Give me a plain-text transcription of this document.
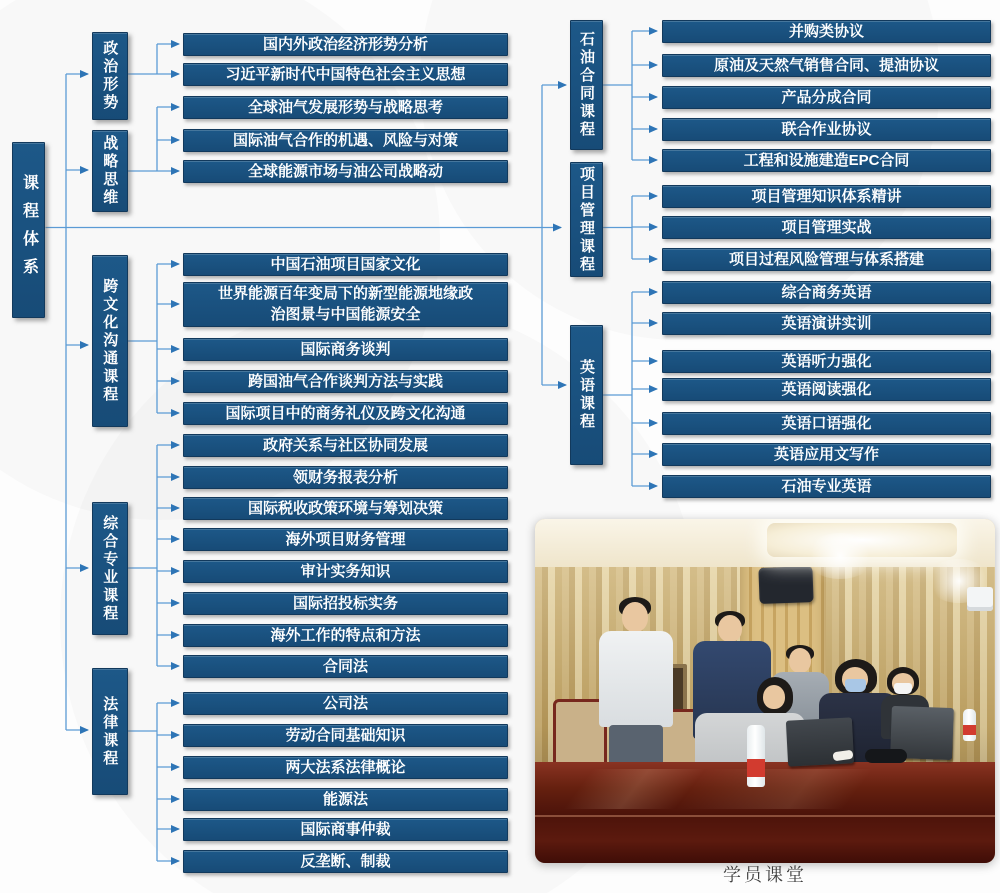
课程体系
政治形势	国内外政治经济形势分析
习近平新时代中国特色社会主义思想
战略思维
全球油气发展形势与战略思考
国际油气合作的机遇、风险与对策
全球能源市场与油公司战略动
跨文化沟通课程
中国石油项目国家文化
世界能源百年变局下的新型能源地缘政治图景与中国能源安全
国际商务谈判
跨国油气合作谈判方法与实践
国际项目中的商务礼仪及跨文化沟通
综合专业课程
政府关系与社区协同发展
领财务报表分析
国际税收政策环境与筹划决策
海外项目财务管理
审计实务知识
国际招投标实务
海外工作的特点和方法
合同法
法律课程	公司法
劳动合同基础知识
两大法系法律概论
能源法
国际商事仲裁
反垄断、制裁
石油合同课程	并购类协议
原油及天然气销售合同、提油协议
产品分成合同
联合作业协议
工程和设施建造EPC合同
项目管理课程	项目管理知识体系精讲
项目管理实战
项目过程风险管理与体系搭建
英语课程
综合商务英语
英语演讲实训
英语听力强化
英语阅读强化
英语口语强化
英语应用文写作
石油专业英语
学员课堂
